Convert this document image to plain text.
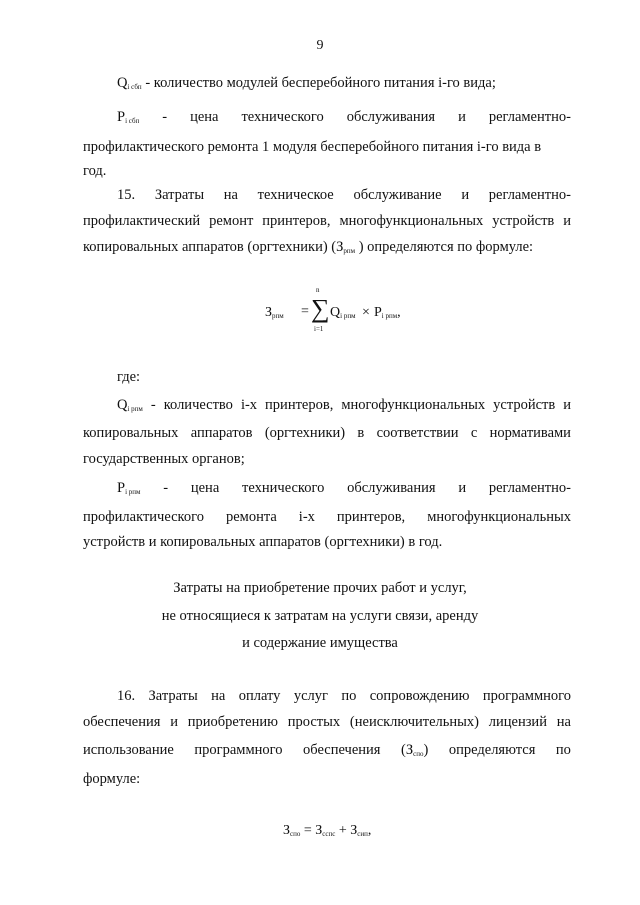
9
Qi сбп - количество модулей бесперебойного питания i-го вида;
Pi сбп - цена технического обслуживания и регламентно-
профилактического ремонта 1 модуля бесперебойного питания i-го вида в
год.
15. Затраты на техническое обслуживание и регламентно-
профилактический ремонт принтеров, многофункциональных устройств и
копировальных аппаратов (оргтехники) (Зрпм ) определяются по формуле:
Зрпм =
n
∑
i=1
Qi рпм × Pi рпм,
где:
Qi рпм - количество i-х принтеров, многофункциональных устройств и
копировальных аппаратов (оргтехники) в соответствии с нормативами
государственных органов;
Pi рпм - цена технического обслуживания и регламентно-
профилактического ремонта i-х принтеров, многофункциональных
устройств и копировальных аппаратов (оргтехники) в год.
Затраты на приобретение прочих работ и услуг,
не относящиеся к затратам на услуги связи, аренду
и содержание имущества
16. Затраты на оплату услуг по сопровождению программного
обеспечения и приобретению простых (неисключительных) лицензий на
использование программного обеспечения (Зспо) определяются по
формуле:
Зспо = Зсспс + Зсип,
